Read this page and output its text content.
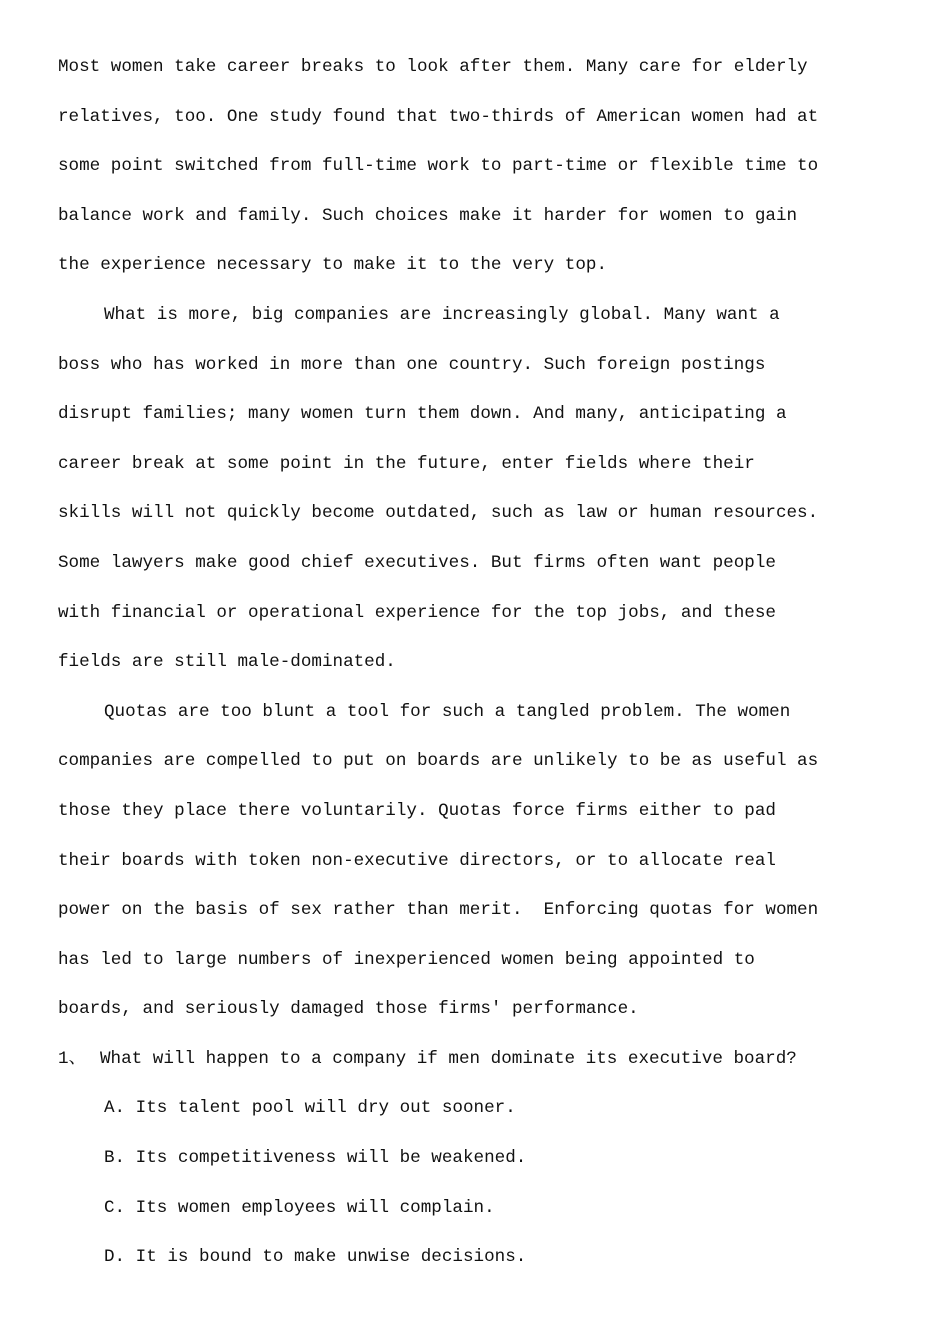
Most women take career breaks to look after them. Many care for elderly
relatives, too. One study found that two-thirds of American women had at
some point switched from full-time work to part-time or flexible time to
balance work and family. Such choices make it harder for women to gain
the experience necessary to make it to the very top.
What is more, big companies are increasingly global. Many want a
boss who has worked in more than one country. Such foreign postings
disrupt families; many women turn them down. And many, anticipating a
career break at some point in the future, enter fields where their
skills will not quickly become outdated, such as law or human resources.
Some lawyers make good chief executives. But firms often want people
with financial or operational experience for the top jobs, and these
fields are still male-dominated.
Quotas are too blunt a tool for such a tangled problem. The women
companies are compelled to put on boards are unlikely to be as useful as
those they place there voluntarily. Quotas force firms either to pad
their boards with token non-executive directors, or to allocate real
power on the basis of sex rather than merit.  Enforcing quotas for women
has led to large numbers of inexperienced women being appointed to
boards, and seriously damaged those firms' performance.
1、 What will happen to a company if men dominate its executive board?
A. Its talent pool will dry out sooner.
B. Its competitiveness will be weakened.
C. Its women employees will complain.
D. It is bound to make unwise decisions.
